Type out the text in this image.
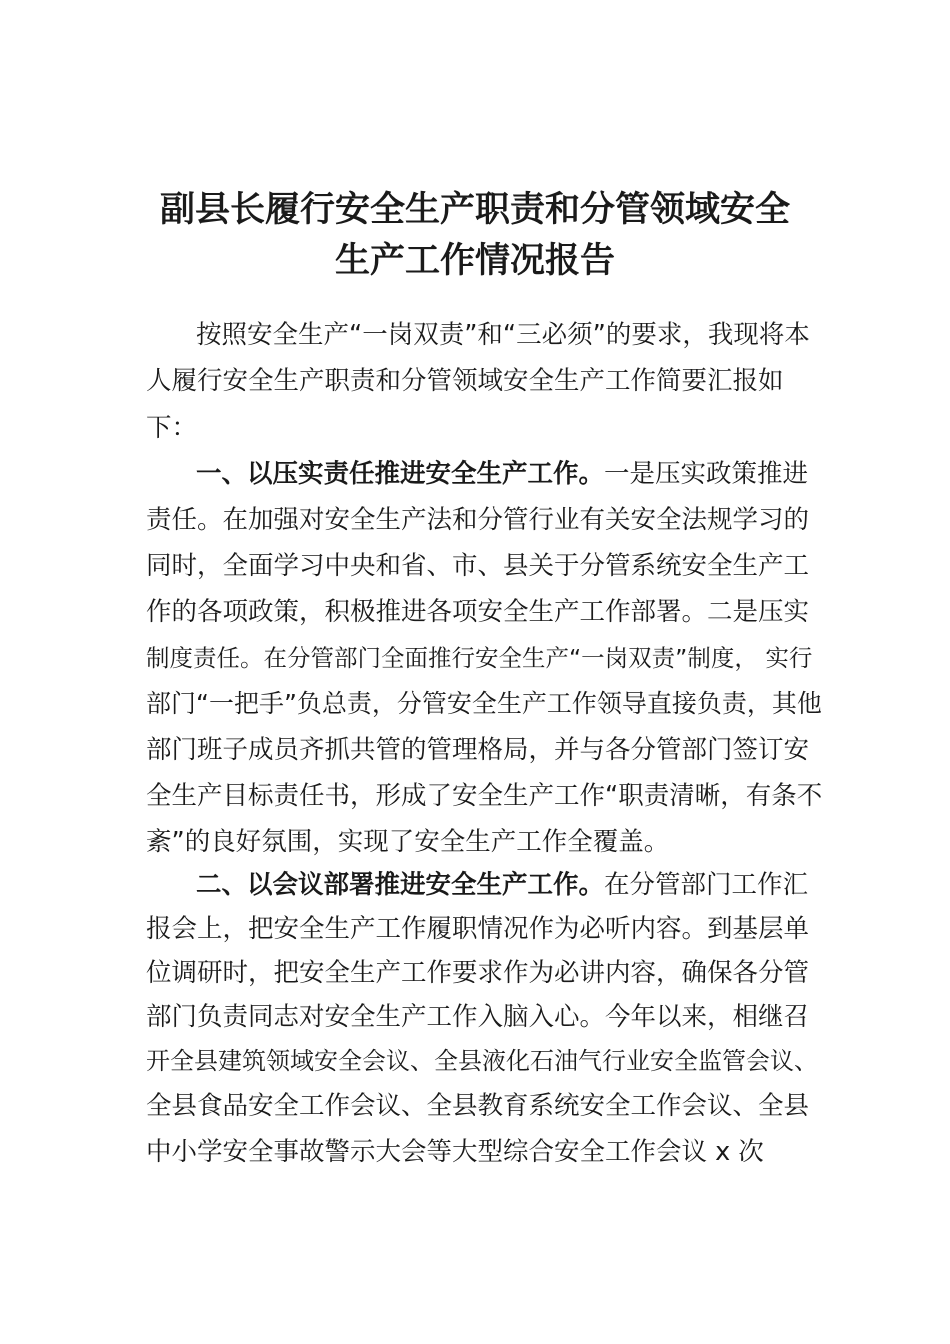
副县长履行安全生产职责和分管领域安全
生产工作情况报告

按照安全生产“一岗双责”和“三必须”的要求，我现将本

人履行安全生产职责和分管领域安全生产工作简要汇报如

下：

一、以压实责任推进安全生产工作。一是压实政策推进

责任。在加强对安全生产法和分管行业有关安全法规学习的

同时，全面学习中央和省、市、县关于分管系统安全生产工

作的各项政策，积极推进各项安全生产工作部署。二是压实

制度责任。在分管部门全面推行安全生产“一岗双责”制度， 实行

部门“一把手”负总责，分管安全生产工作领导直接负责，其他

部门班子成员齐抓共管的管理格局，并与各分管部门签订安

全生产目标责任书，形成了安全生产工作“职责清晰，有条不

紊”的良好氛围，实现了安全生产工作全覆盖。

二、以会议部署推进安全生产工作。在分管部门工作汇

报会上，把安全生产工作履职情况作为必听内容。到基层单

位调研时，把安全生产工作要求作为必讲内容，确保各分管

部门负责同志对安全生产工作入脑入心。今年以来，相继召

开全县建筑领域安全会议、全县液化石油气行业安全监管会议、

全县食品安全工作会议、全县教育系统安全工作会议、全县

中小学安全事故警示大会等大型综合安全工作会议 x 次
